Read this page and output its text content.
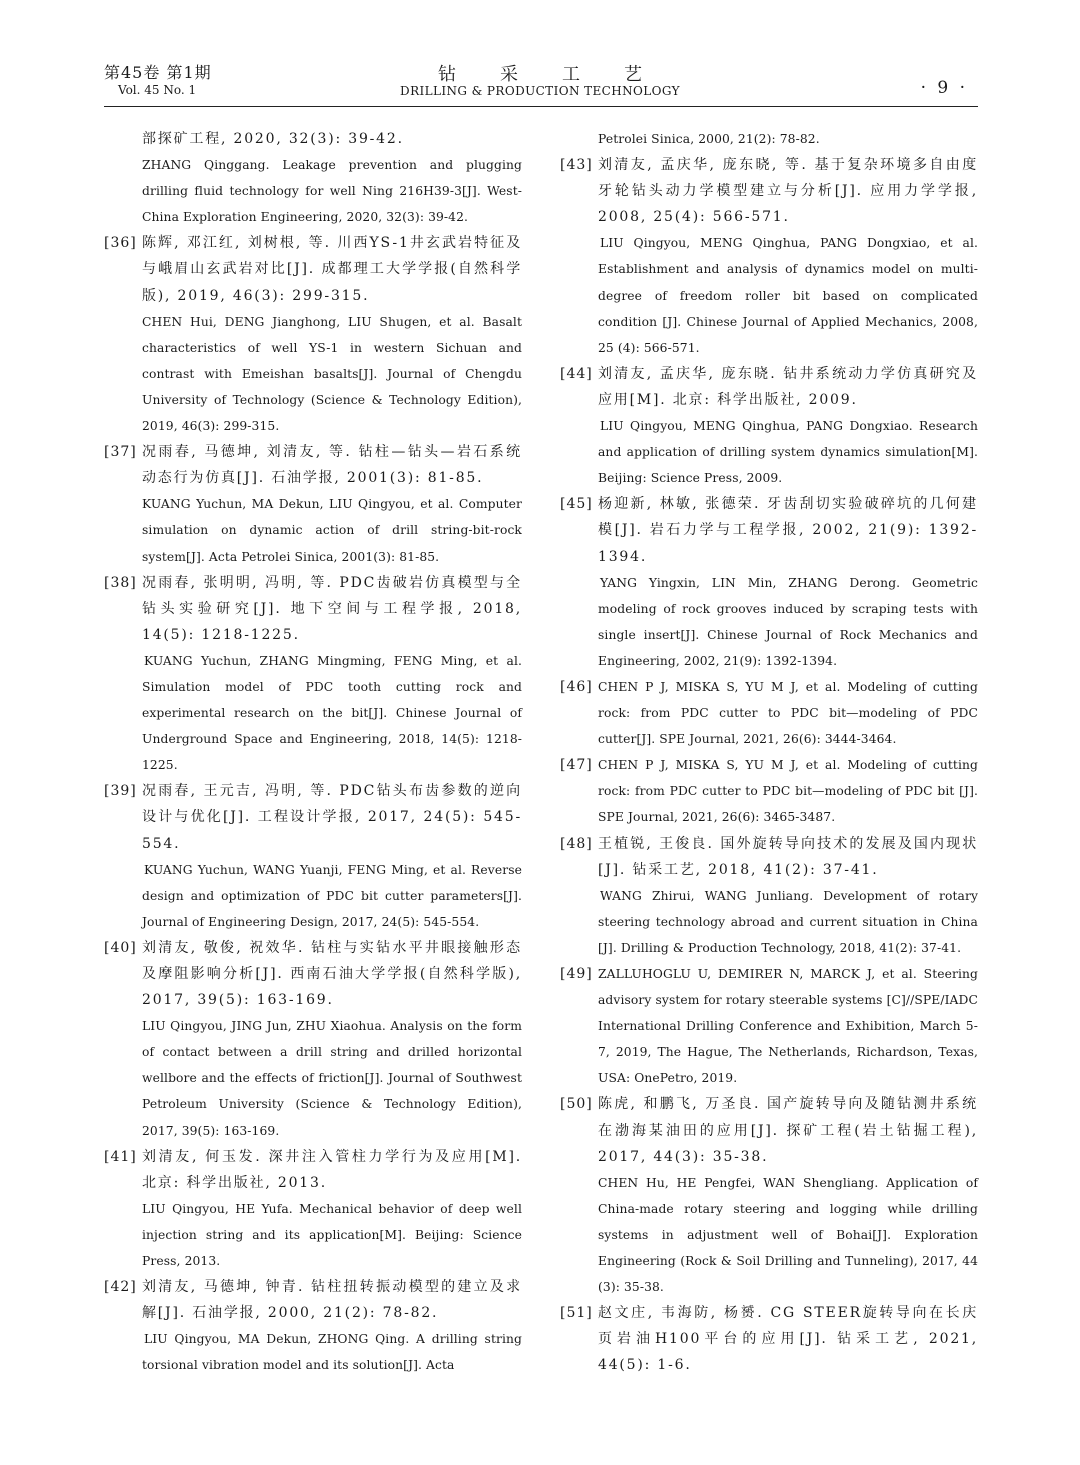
第45卷 第1期
Vol. 45 No. 1
钻采工艺
DRILLING & PRODUCTION TECHNOLOGY	· 9 ·

部探矿工程, 2020, 32(3): 39-42.

ZHANG Qinggang. Leakage prevention and plugging drilling fluid technology for well Ning 216H39-3[J]. West-China Exploration Engineering, 2020, 32(3): 39-42.

[36] 陈辉, 邓江红, 刘树根, 等. 川西YS-1井玄武岩特征及与峨眉山玄武岩对比[J]. 成都理工大学学报(自然科学版), 2019, 46(3): 299-315.

CHEN Hui, DENG Jianghong, LIU Shugen, et al. Basalt characteristics of well YS-1 in western Sichuan and contrast with Emeishan basalts[J]. Journal of Chengdu University of Technology (Science & Technology Edition), 2019, 46(3): 299-315.

[37] 况雨春, 马德坤, 刘清友, 等. 钻柱—钻头—岩石系统动态行为仿真[J]. 石油学报, 2001(3): 81-85.

KUANG Yuchun, MA Dekun, LIU Qingyou, et al. Computer simulation on dynamic action of drill string-bit-rock system[J]. Acta Petrolei Sinica, 2001(3): 81-85.

[38] 况雨春, 张明明, 冯明, 等. PDC齿破岩仿真模型与全钻头实验研究[J]. 地下空间与工程学报, 2018, 14(5): 1218-1225.

KUANG Yuchun, ZHANG Mingming, FENG Ming, et al. Simulation model of PDC tooth cutting rock and experimental research on the bit[J]. Chinese Journal of Underground Space and Engineering, 2018, 14(5): 1218-1225.

[39] 况雨春, 王元吉, 冯明, 等. PDC钻头布齿参数的逆向设计与优化[J]. 工程设计学报, 2017, 24(5): 545-554.

KUANG Yuchun, WANG Yuanji, FENG Ming, et al. Reverse design and optimization of PDC bit cutter parameters[J]. Journal of Engineering Design, 2017, 24(5): 545-554.

[40] 刘清友, 敬俊, 祝效华. 钻柱与实钻水平井眼接触形态及摩阻影响分析[J]. 西南石油大学学报(自然科学版), 2017, 39(5): 163-169.

LIU Qingyou, JING Jun, ZHU Xiaohua. Analysis on the form of contact between a drill string and drilled horizontal wellbore and the effects of friction[J]. Journal of Southwest Petroleum University (Science & Technology Edition), 2017, 39(5): 163-169.

[41] 刘清友, 何玉发. 深井注入管柱力学行为及应用[M]. 北京: 科学出版社, 2013.

LIU Qingyou, HE Yufa. Mechanical behavior of deep well injection string and its application[M]. Beijing: Science Press, 2013.

[42] 刘清友, 马德坤, 钟青. 钻柱扭转振动模型的建立及求解[J]. 石油学报, 2000, 21(2): 78-82.

LIU Qingyou, MA Dekun, ZHONG Qing. A drilling string torsional vibration model and its solution[J]. Acta

Petrolei Sinica, 2000, 21(2): 78-82.

[43] 刘清友, 孟庆华, 庞东晓, 等. 基于复杂环境多自由度牙轮钻头动力学模型建立与分析[J]. 应用力学学报, 2008, 25(4): 566-571.

LIU Qingyou, MENG Qinghua, PANG Dongxiao, et al. Establishment and analysis of dynamics model on multi-degree of freedom roller bit based on complicated condition [J]. Chinese Journal of Applied Mechanics, 2008, 25 (4): 566-571.

[44] 刘清友, 孟庆华, 庞东晓. 钻井系统动力学仿真研究及应用[M]. 北京: 科学出版社, 2009.

LIU Qingyou, MENG Qinghua, PANG Dongxiao. Research and application of drilling system dynamics simulation[M]. Beijing: Science Press, 2009.

[45] 杨迎新, 林敏, 张德荣. 牙齿刮切实验破碎坑的几何建模[J]. 岩石力学与工程学报, 2002, 21(9): 1392-1394.

YANG Yingxin, LIN Min, ZHANG Derong. Geometric modeling of rock grooves induced by scraping tests with single insert[J]. Chinese Journal of Rock Mechanics and Engineering, 2002, 21(9): 1392-1394.

[46] CHEN P J, MISKA S, YU M J, et al. Modeling of cutting rock: from PDC cutter to PDC bit—modeling of PDC cutter[J]. SPE Journal, 2021, 26(6): 3444-3464.

[47] CHEN P J, MISKA S, YU M J, et al. Modeling of cutting rock: from PDC cutter to PDC bit—modeling of PDC bit [J]. SPE Journal, 2021, 26(6): 3465-3487.

[48] 王植锐, 王俊良. 国外旋转导向技术的发展及国内现状[J]. 钻采工艺, 2018, 41(2): 37-41.

WANG Zhirui, WANG Junliang. Development of rotary steering technology abroad and current situation in China [J]. Drilling & Production Technology, 2018, 41(2): 37-41.

[49] ZALLUHOGLU U, DEMIRER N, MARCK J, et al. Steering advisory system for rotary steerable systems [C]//SPE/IADC International Drilling Conference and Exhibition, March 5-7, 2019, The Hague, The Netherlands, Richardson, Texas, USA: OnePetro, 2019.

[50] 陈虎, 和鹏飞, 万圣良. 国产旋转导向及随钻测井系统在渤海某油田的应用[J]. 探矿工程(岩土钻掘工程), 2017, 44(3): 35-38.

CHEN Hu, HE Pengfei, WAN Shengliang. Application of China-made rotary steering and logging while drilling systems in adjustment well of Bohai[J]. Exploration Engineering (Rock & Soil Drilling and Tunneling), 2017, 44 (3): 35-38.

[51] 赵文庄, 韦海防, 杨赟. CG STEER旋转导向在长庆页岩油H100平台的应用[J]. 钻采工艺, 2021, 44(5): 1-6.
